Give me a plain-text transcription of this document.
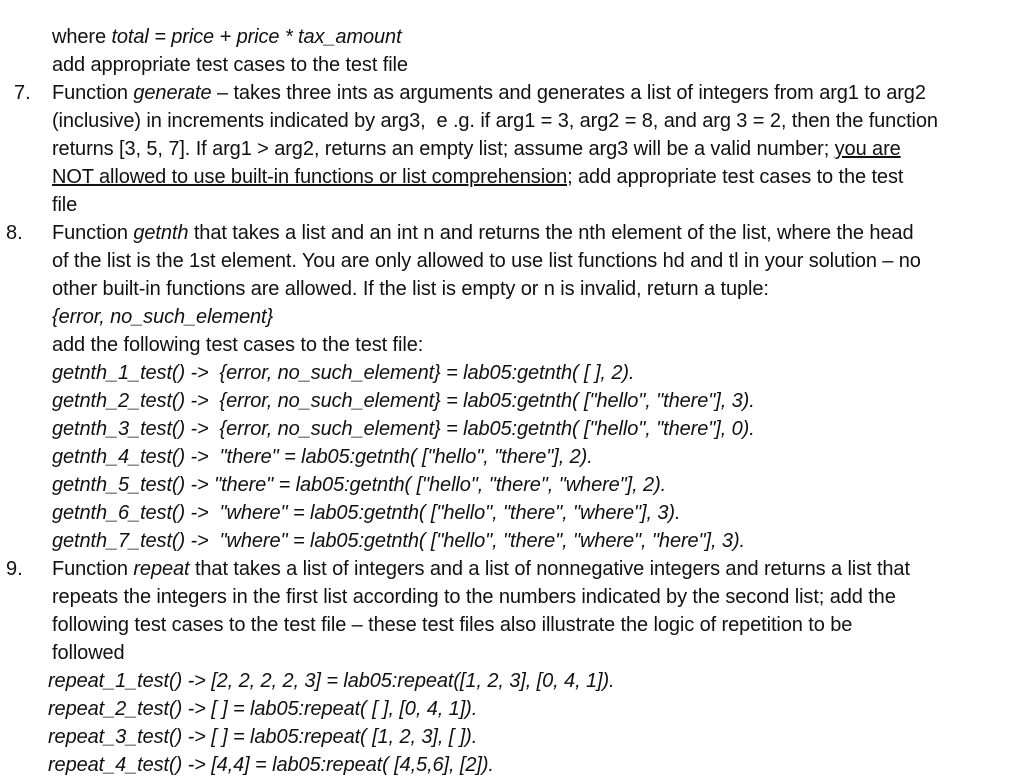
where total = price + price * tax_amount
add appropriate test cases to the test file
7. Function generate – takes three ints as arguments and generates a list of integers from arg1 to arg2
(inclusive) in increments indicated by arg3,  e .g. if arg1 = 3, arg2 = 8, and arg 3 = 2, then the function
returns [3, 5, 7]. If arg1 > arg2, returns an empty list; assume arg3 will be a valid number; you are
NOT allowed to use built-in functions or list comprehension; add appropriate test cases to the test
file
8. Function getnth that takes a list and an int n and returns the nth element of the list, where the head
of the list is the 1st element. You are only allowed to use list functions hd and tl in your solution – no
other built-in functions are allowed. If the list is empty or n is invalid, return a tuple:
{error, no_such_element}
add the following test cases to the test file:
getnth_1_test() ->  {error, no_such_element} = lab05:getnth( [ ], 2).
getnth_2_test() ->  {error, no_such_element} = lab05:getnth( ["hello", "there"], 3).
getnth_3_test() ->  {error, no_such_element} = lab05:getnth( ["hello", "there"], 0).
getnth_4_test() ->  "there" = lab05:getnth( ["hello", "there"], 2).
getnth_5_test() -> "there" = lab05:getnth( ["hello", "there", "where"], 2).
getnth_6_test() ->  "where" = lab05:getnth( ["hello", "there", "where"], 3).
getnth_7_test() ->  "where" = lab05:getnth( ["hello", "there", "where", "here"], 3).
9. Function repeat that takes a list of integers and a list of nonnegative integers and returns a list that
repeats the integers in the first list according to the numbers indicated by the second list; add the
following test cases to the test file – these test files also illustrate the logic of repetition to be
followed
repeat_1_test() -> [2, 2, 2, 2, 3] = lab05:repeat([1, 2, 3], [0, 4, 1]).
repeat_2_test() -> [ ] = lab05:repeat( [ ], [0, 4, 1]).
repeat_3_test() -> [ ] = lab05:repeat( [1, 2, 3], [ ]).
repeat_4_test() -> [4,4] = lab05:repeat( [4,5,6], [2]).
